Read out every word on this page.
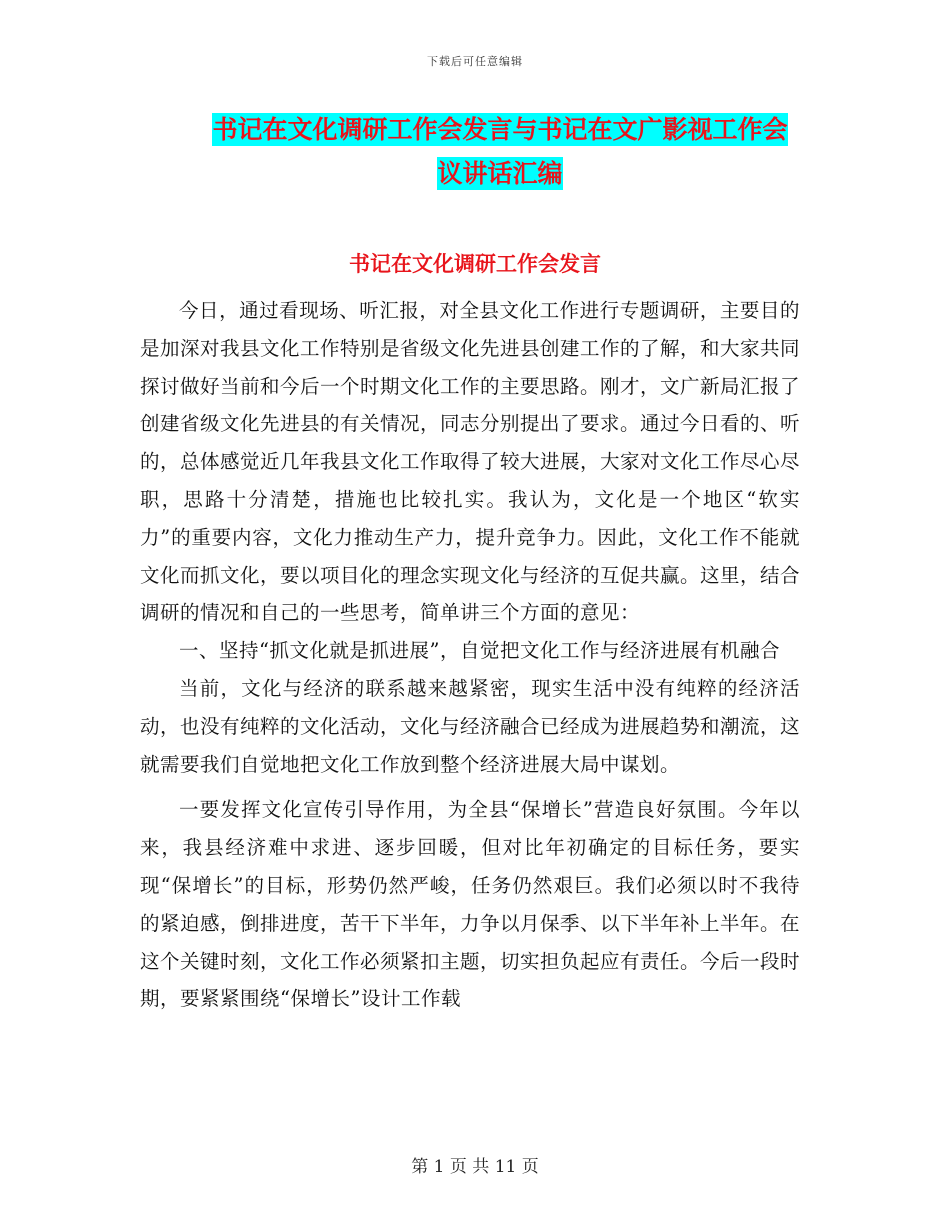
下载后可任意编辑
书记在文化调研工作会发言与书记在文广影视工作会
议讲话汇编
书记在文化调研工作会发言

今日，通过看现场、听汇报，对全县文化工作进行专题调研，主要目的是加深对我县文化工作特别是省级文化先进县创建工作的了解，和大家共同探讨做好当前和今后一个时期文化工作的主要思路。刚才，文广新局汇报了创建省级文化先进县的有关情况，同志分别提出了要求。通过今日看的、听的，总体感觉近几年我县文化工作取得了较大进展，大家对文化工作尽心尽职，思路十分清楚，措施也比较扎实。我认为，文化是一个地区“软实力”的重要内容，文化力推动生产力，提升竞争力。因此，文化工作不能就文化而抓文化，要以项目化的理念实现文化与经济的互促共赢。这里，结合调研的情况和自己的一些思考，简单讲三个方面的意见：

一、坚持“抓文化就是抓进展”，自觉把文化工作与经济进展有机融合

当前，文化与经济的联系越来越紧密，现实生活中没有纯粹的经济活动，也没有纯粹的文化活动，文化与经济融合已经成为进展趋势和潮流，这就需要我们自觉地把文化工作放到整个经济进展大局中谋划。

一要发挥文化宣传引导作用，为全县“保增长”营造良好氛围。今年以来，我县经济难中求进、逐步回暖，但对比年初确定的目标任务，要实现“保增长”的目标，形势仍然严峻，任务仍然艰巨。我们必须以时不我待的紧迫感，倒排进度，苦干下半年，力争以月保季、以下半年补上半年。在这个关键时刻，文化工作必须紧扣主题，切实担负起应有责任。今后一段时期，要紧紧围绕“保增长”设计工作载

第 1 页 共 11 页
